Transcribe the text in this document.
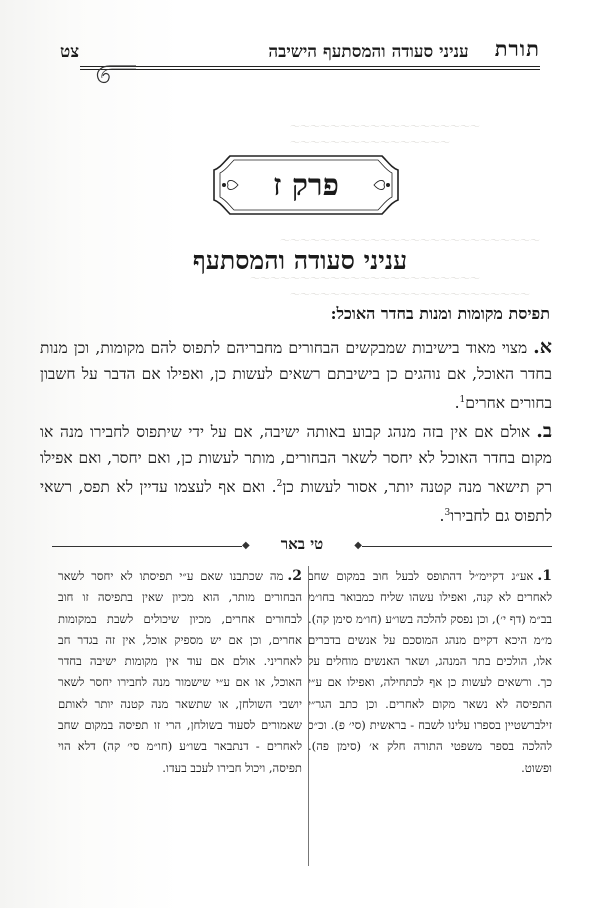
צט	עניני סעודה והמסתעף הישיבה	תורת
～～～～～～～～～～～～～～～～～～～
～～～～～～～～～～～～～～～～
～～～～～～～～～～～～～～～～～～～～～～～～～～
～～～～～～～～～～～～～～～～～～～～～～～
～～～～～～～～～～～～～～～～～～～～～～～～
פרק ז
עניני סעודה והמסתעף
תפיסת מקומות ומנות בחדר האוכל:
א.מצוי מאוד בישיבות שמבקשים הבחורים מחבריהם לתפוס להם מקומות, וכן מנות בחדר האוכל, אם נוהגים כן בישיבתם רשאים לעשות כן, ואפילו אם הדבר על חשבון בחורים אחרים$^1$.
ב.אולם אם אין בזה מנהג קבוע באותה ישיבה, אם על ידי שיתפוס לחבירו מנה או מקום בחדר האוכל לא יחסר לשאר הבחורים, מותר לעשות כן, ואם יחסר, ואם אפילו רק תישאר מנה קטנה יותר, אסור לעשות כן$^2$. ואם אף לעצמו עדיין לא תפס, רשאי לתפוס גם לחבירו$^3$.
◆	◆
טי באר
1.אע״ג דקיימ״ל דהתופס לבעל חוב במקום שחב לאחרים לא קנה, ואפילו עשהו שליח כמבואר בחו״מ בב״מ (דף י׳), וכן נפסק להלכה בשו״ע (חו״מ סימן קה). מ״מ היכא דקיים מנהג המוסכם על אנשים בדברים אלו, הולכים בתר המנהג, ושאר האנשים מוחלים על כך. ורשאים לעשות כן אף לכתחילה, ואפילו אם ע״י התפיסה לא נשאר מקום לאחרים. וכן כתב הגר״י זילברשטיין בספרו עלינו לשבח - בראשית (סי׳ פ). וכ״כ להלכה בספר משפטי התורה חלק א׳ (סימן פה). ופשוט.
2.מה שכתבנו שאם ע״י תפיסתו לא יחסר לשאר הבחורים מותר, הוא מכיון שאין בתפיסה זו חוב לבחורים אחרים, מכיון שיכולים לשבת במקומות אחרים, וכן אם יש מספיק אוכל, אין זה בגדר חב לאחריני. אולם אם עוד אין מקומות ישיבה בחדר האוכל, או אם ע״י שישמור מנה לחבירו יחסר לשאר יושבי השולחן, או שתשאר מנה קטנה יותר לאותם שאמורים לסעוד בשולחן, הרי זו תפיסה במקום שחב לאחרים - דנתבאר בשו״ע (חו״מ סי׳ קה) דלא הוי תפיסה, ויכול חבירו לעכב בעדו.
